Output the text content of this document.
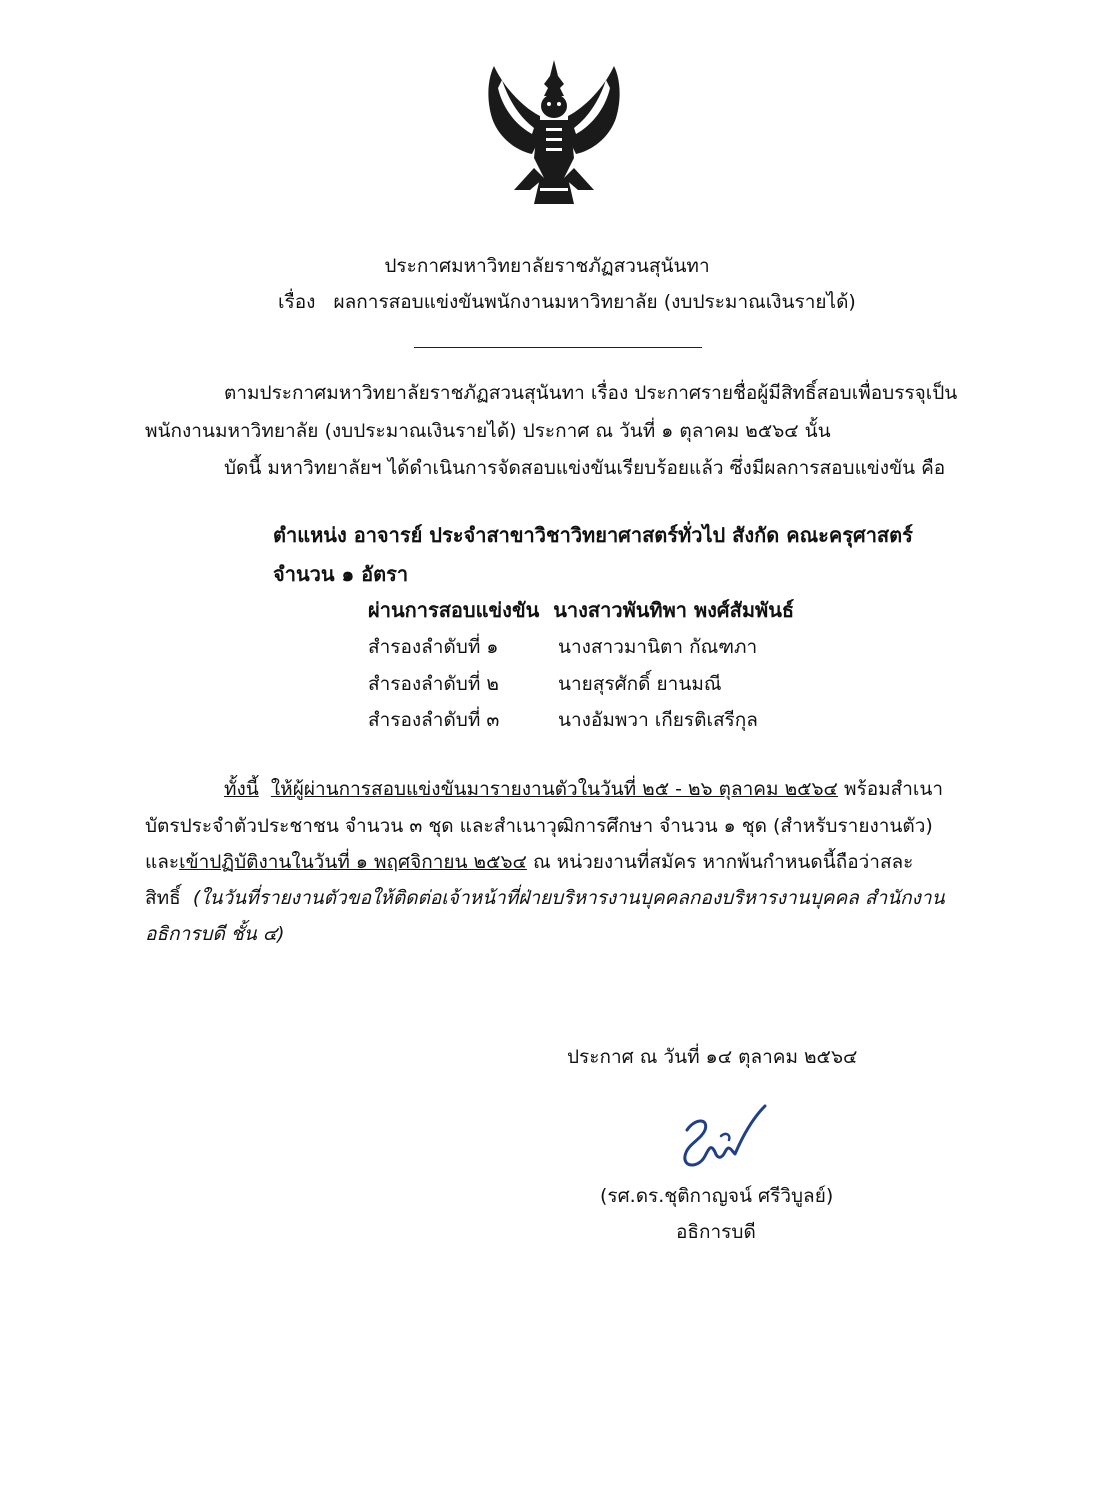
ประกาศมหาวิทยาลัยราชภัฏสวนสุนันทา
เรื่อง ผลการสอบแข่งขันพนักงานมหาวิทยาลัย (งบประมาณเงินรายได้)
ตามประกาศมหาวิทยาลัยราชภัฏสวนสุนันทา เรื่อง ประกาศรายชื่อผู้มีสิทธิ์สอบเพื่อบรรจุเป็น
พนักงานมหาวิทยาลัย (งบประมาณเงินรายได้) ประกาศ ณ วันที่ ๑ ตุลาคม ๒๕๖๔ นั้น
บัดนี้ มหาวิทยาลัยฯ ได้ดำเนินการจัดสอบแข่งขันเรียบร้อยแล้ว ซึ่งมีผลการสอบแข่งขัน คือ
ตำแหน่ง อาจารย์ ประจำสาขาวิชาวิทยาศาสตร์ทั่วไป สังกัด คณะครุศาสตร์
จำนวน ๑ อัตรา
ผ่านการสอบแข่งขัน นางสาวพันทิพา พงศ์สัมพันธ์
สำรองลำดับที่ ๑	นางสาวมานิตา กัณฑภา
สำรองลำดับที่ ๒	นายสุรศักดิ์ ยานมณี
สำรองลำดับที่ ๓	นางอัมพวา เกียรติเสรีกุล
ทั้งนี้ ให้ผู้ผ่านการสอบแข่งขันมารายงานตัวในวันที่ ๒๕ - ๒๖ ตุลาคม ๒๕๖๔ พร้อมสำเนา
บัตรประจำตัวประชาชน จำนวน ๓ ชุด และสำเนาวุฒิการศึกษา จำนวน ๑ ชุด (สำหรับรายงานตัว)
และเข้าปฏิบัติงานในวันที่ ๑ พฤศจิกายน ๒๕๖๔ ณ หน่วยงานที่สมัคร หากพ้นกำหนดนี้ถือว่าสละ
สิทธิ์ (ในวันที่รายงานตัวขอให้ติดต่อเจ้าหน้าที่ฝ่ายบริหารงานบุคคลกองบริหารงานบุคคล สำนักงาน
อธิการบดี ชั้น ๔)
ประกาศ ณ วันที่ ๑๔ ตุลาคม ๒๕๖๔
(รศ.ดร.ชุติกาญจน์ ศรีวิบูลย์)
อธิการบดี
